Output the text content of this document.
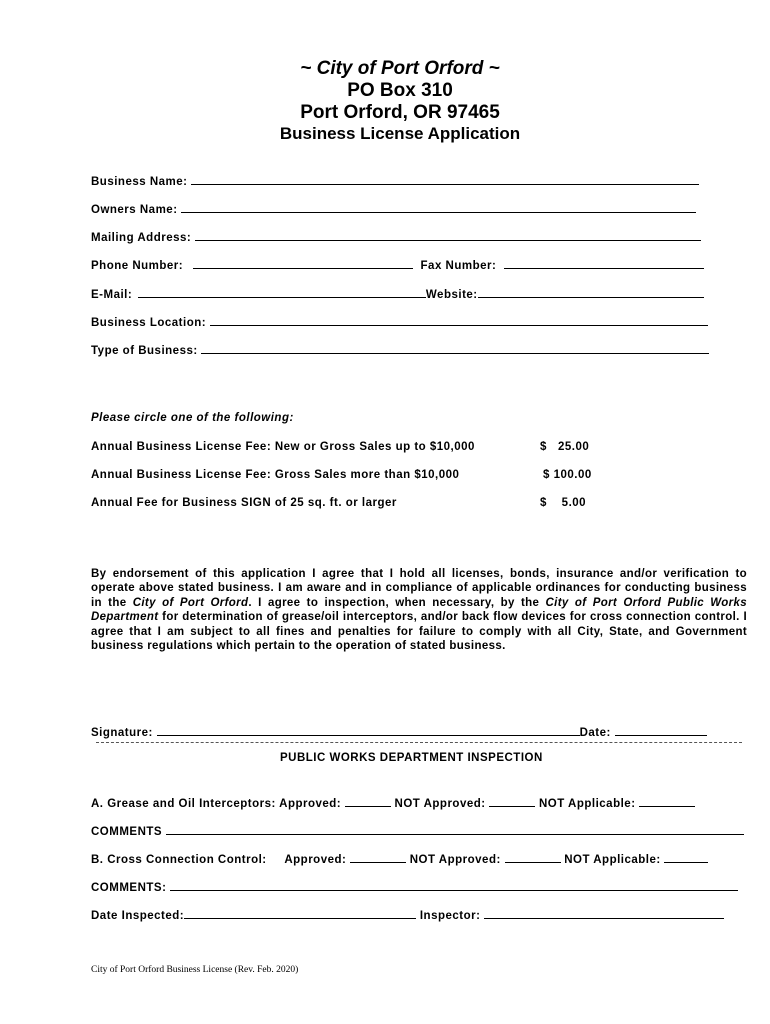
~ City of Port Orford ~
PO Box 310
Port Orford, OR 97465
Business License Application
Business Name:
Owners Name:
Mailing Address:
Phone Number:	Fax Number:
E-Mail:	Website:
Business Location:
Type of Business:
Please circle one of the following:
Annual Business License Fee: New or Gross Sales up to $10,000	$   25.00
Annual Business License Fee: Gross Sales more than $10,000	$ 100.00
Annual Fee for Business SIGN of 25 sq. ft. or larger	$    5.00
By endorsement of this application I agree that I hold all licenses, bonds, insurance and/or verification to operate above stated business. I am aware and in compliance of applicable ordinances for conducting business in the City of Port Orford. I agree to inspection, when necessary, by the City of Port Orford Public Works Department for determination of grease/oil interceptors, and/or back flow devices for cross connection control. I agree that I am subject to all fines and penalties for failure to comply with all City, State, and Government business regulations which pertain to the operation of stated business.
Signature:	Date:
PUBLIC WORKS DEPARTMENT INSPECTION
A. Grease and Oil Interceptors: Approved:	NOT Approved:	NOT Applicable:
COMMENTS
B. Cross Connection Control: Approved:	NOT Approved:	NOT Applicable:
COMMENTS:
Date Inspected:	Inspector:
City of Port Orford Business License (Rev. Feb. 2020)
